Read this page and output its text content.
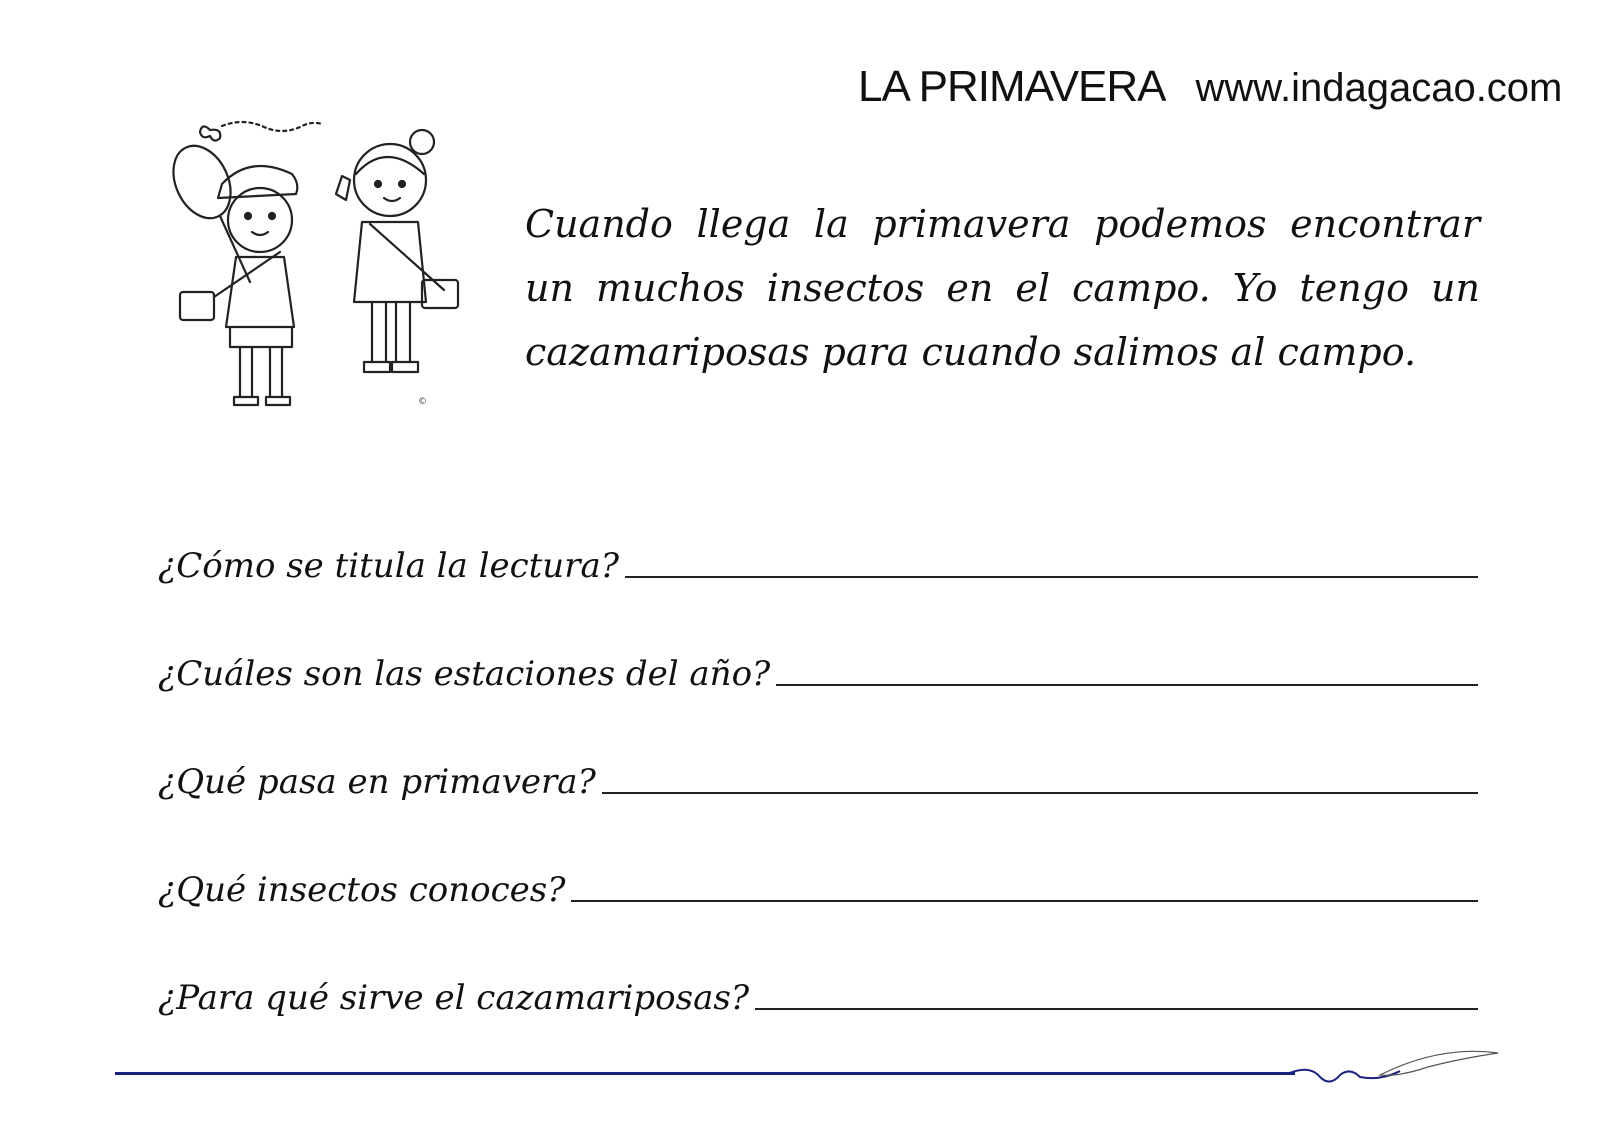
LA PRIMAVERA www.indagacao.com
©
Cuando llega la primavera podemos encontrar un muchos insectos en el campo. Yo tengo un cazamariposas para cuando salimos al campo.
¿Cómo se titula la lectura?
¿Cuáles son las estaciones del año?
¿Qué pasa en primavera?
¿Qué insectos conoces?
¿Para qué sirve el cazamariposas?
